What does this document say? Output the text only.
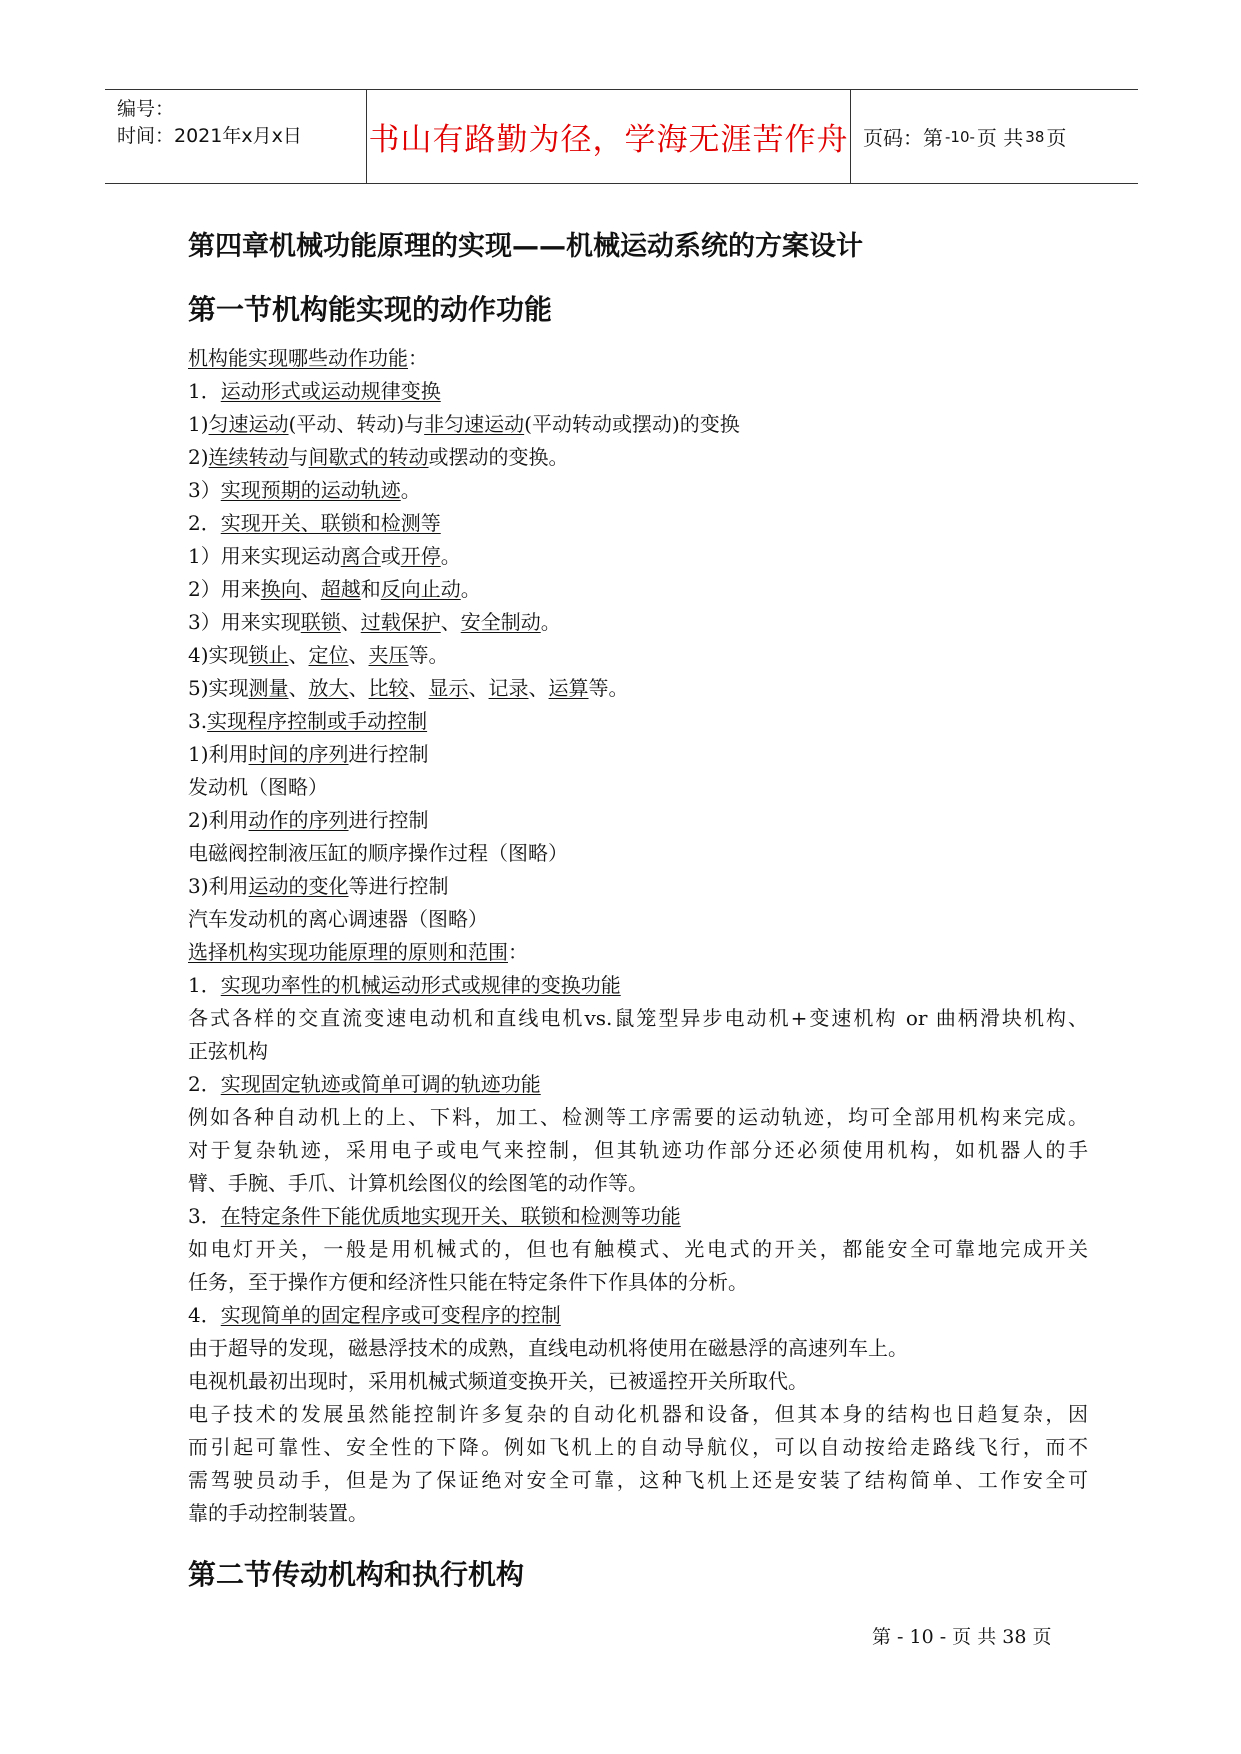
编号：
时间：2021年x月x日 书山有路勤为径，学海无涯苦作舟 页码：第 -10- 页 共 38 页
第四章机械功能原理的实现——机械运动系统的方案设计
第一节机构能实现的动作功能
机构能实现哪些动作功能：
1．运动形式或运动规律变换
1)匀速运动(平动、转动)与非匀速运动(平动转动或摆动)的变换
2)连续转动与间歇式的转动或摆动的变换。
3）实现预期的运动轨迹。
2．实现开关、联锁和检测等
1）用来实现运动离合或开停。
2）用来换向、超越和反向止动。
3）用来实现联锁、过载保护、安全制动。
4)实现锁止、定位、夹压等。
5)实现测量、放大、比较、显示、记录、运算等。
3.实现程序控制或手动控制
1)利用时间的序列进行控制
发动机（图略）
2)利用动作的序列进行控制
电磁阀控制液压缸的顺序操作过程（图略）
3)利用运动的变化等进行控制
汽车发动机的离心调速器（图略）
选择机构实现功能原理的原则和范围：
1．实现功率性的机械运动形式或规律的变换功能
各式各样的交直流变速电动机和直线电机vs.鼠笼型异步电动机+变速机构 or 曲柄滑块机构、
正弦机构
2．实现固定轨迹或简单可调的轨迹功能
例如各种自动机上的上、下料，加工、检测等工序需要的运动轨迹，均可全部用机构来完成。
对于复杂轨迹，采用电子或电气来控制，但其轨迹功作部分还必须使用机构，如机器人的手
臂、手腕、手爪、计算机绘图仪的绘图笔的动作等。
3．在特定条件下能优质地实现开关、联锁和检测等功能
如电灯开关，一般是用机械式的，但也有触模式、光电式的开关，都能安全可靠地完成开关
任务，至于操作方便和经济性只能在特定条件下作具体的分析。
4．实现简单的固定程序或可变程序的控制
由于超导的发现，磁悬浮技术的成熟，直线电动机将使用在磁悬浮的高速列车上。
电视机最初出现时，采用机械式频道变换开关，已被遥控开关所取代。
电子技术的发展虽然能控制许多复杂的自动化机器和设备，但其本身的结构也日趋复杂，因
而引起可靠性、安全性的下降。例如飞机上的自动导航仪，可以自动按给走路线飞行，而不
需驾驶员动手，但是为了保证绝对安全可靠，这种飞机上还是安装了结构简单、工作安全可
靠的手动控制装置。
第二节传动机构和执行机构
第 - 10 - 页 共 38 页
